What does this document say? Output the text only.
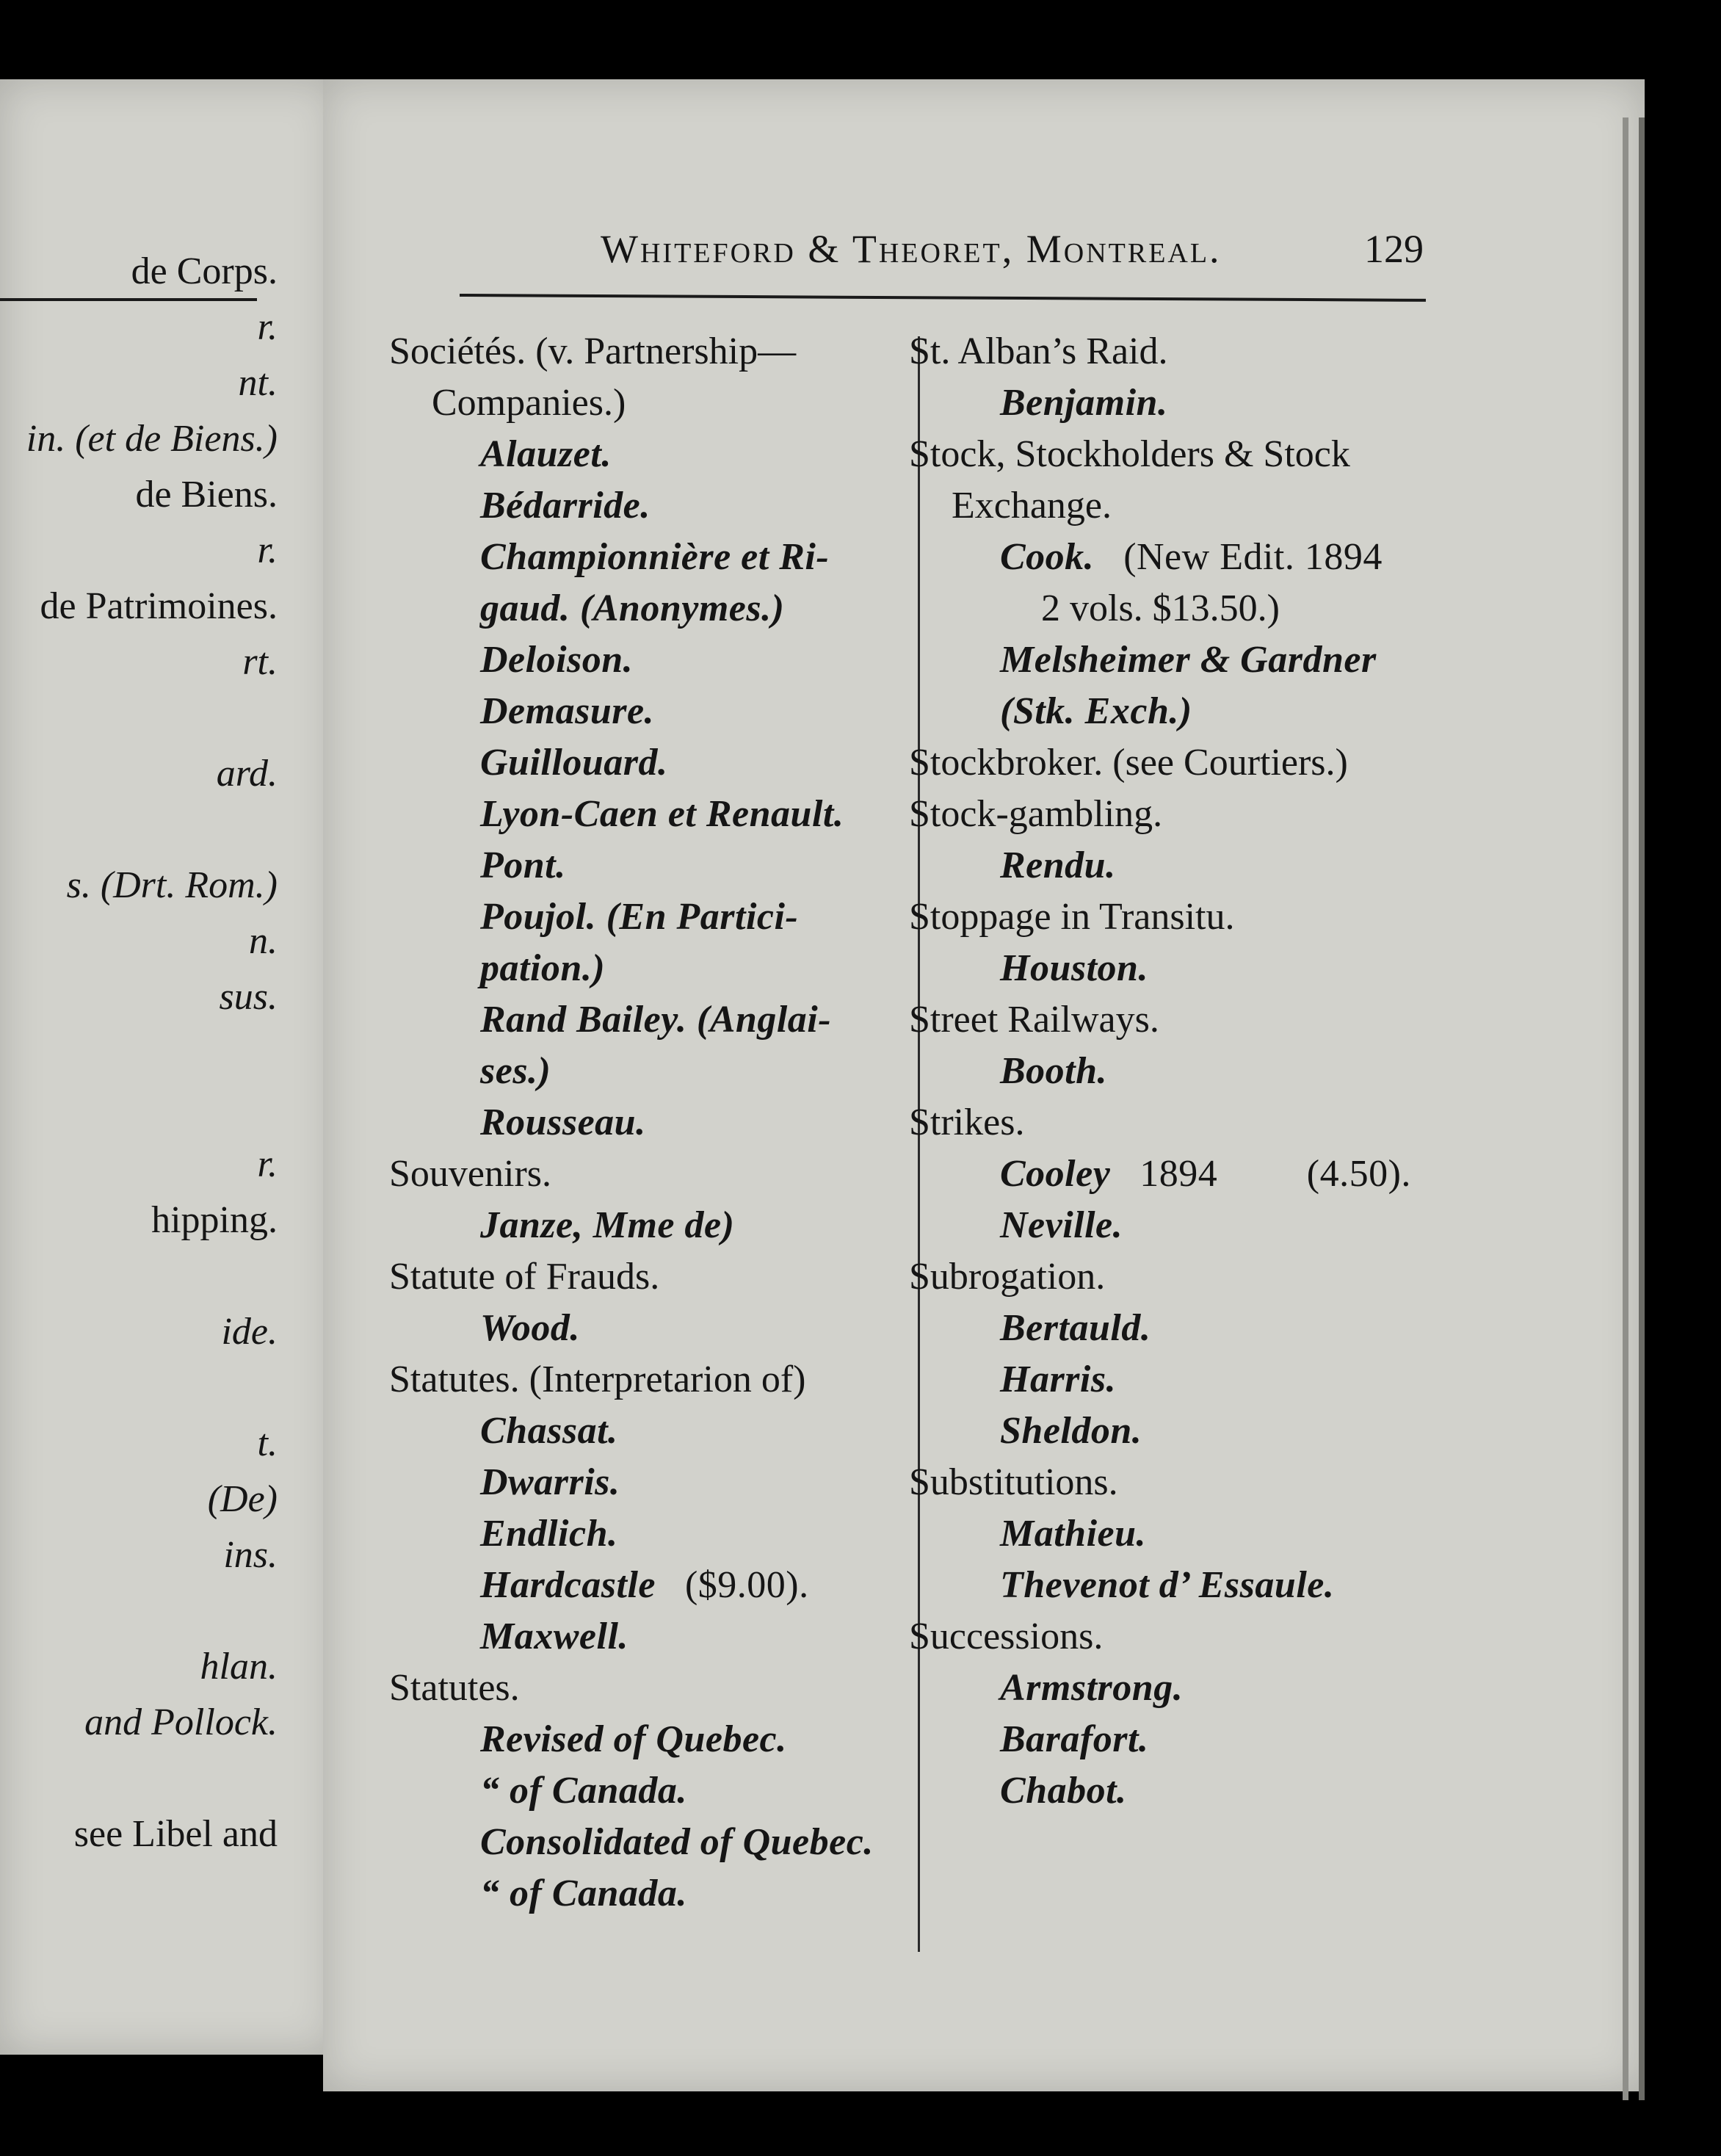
de Corps.
r.
nt.
in. (et de Biens.)
de Biens.
r.
de Patrimoines.
rt.
ard.
s. (Drt. Rom.)
n.
sus.
r.
hipping.
ide.
t.
(De)
ins.
hlan.
and Pollock.
see Libel and
Whiteford & Theoret, Montreal.	129
Sociétés. (v. Partnership—
Companies.)
Alauzet.
Bédarride.
Championnière et Ri-
gaud. (Anonymes.)
Deloison.
Demasure.
Guillouard.
Lyon-Caen et Renault.
Pont.
Poujol. (En Partici-
pation.)
Rand Bailey. (Anglai-
ses.)
Rousseau.
Souvenirs.
Janze, Mme de)
Statute of Frauds.
Wood.
Statutes. (Interpretarion of)
Chassat.
Dwarris.
Endlich.
Hardcastle ($9.00).
Maxwell.
Statutes.
Revised of Quebec.
“ of Canada.
Consolidated of Quebec.
“ of Canada.
St. Alban’s Raid.
Benjamin.
Stock, Stockholders & Stock
Exchange.
Cook. (New Edit. 1894
2 vols. $13.50.)
Melsheimer & Gardner
(Stk. Exch.)
Stockbroker. (see Courtiers.)
Stock-gambling.
Rendu.
Stoppage in Transitu.
Houston.
Street Railways.
Booth.
Strikes.
Cooley 1894         (4.50).
Neville.
Subrogation.
Bertauld.
Harris.
Sheldon.
Substitutions.
Mathieu.
Thevenot d’ Essaule.
Successions.
Armstrong.
Barafort.
Chabot.
